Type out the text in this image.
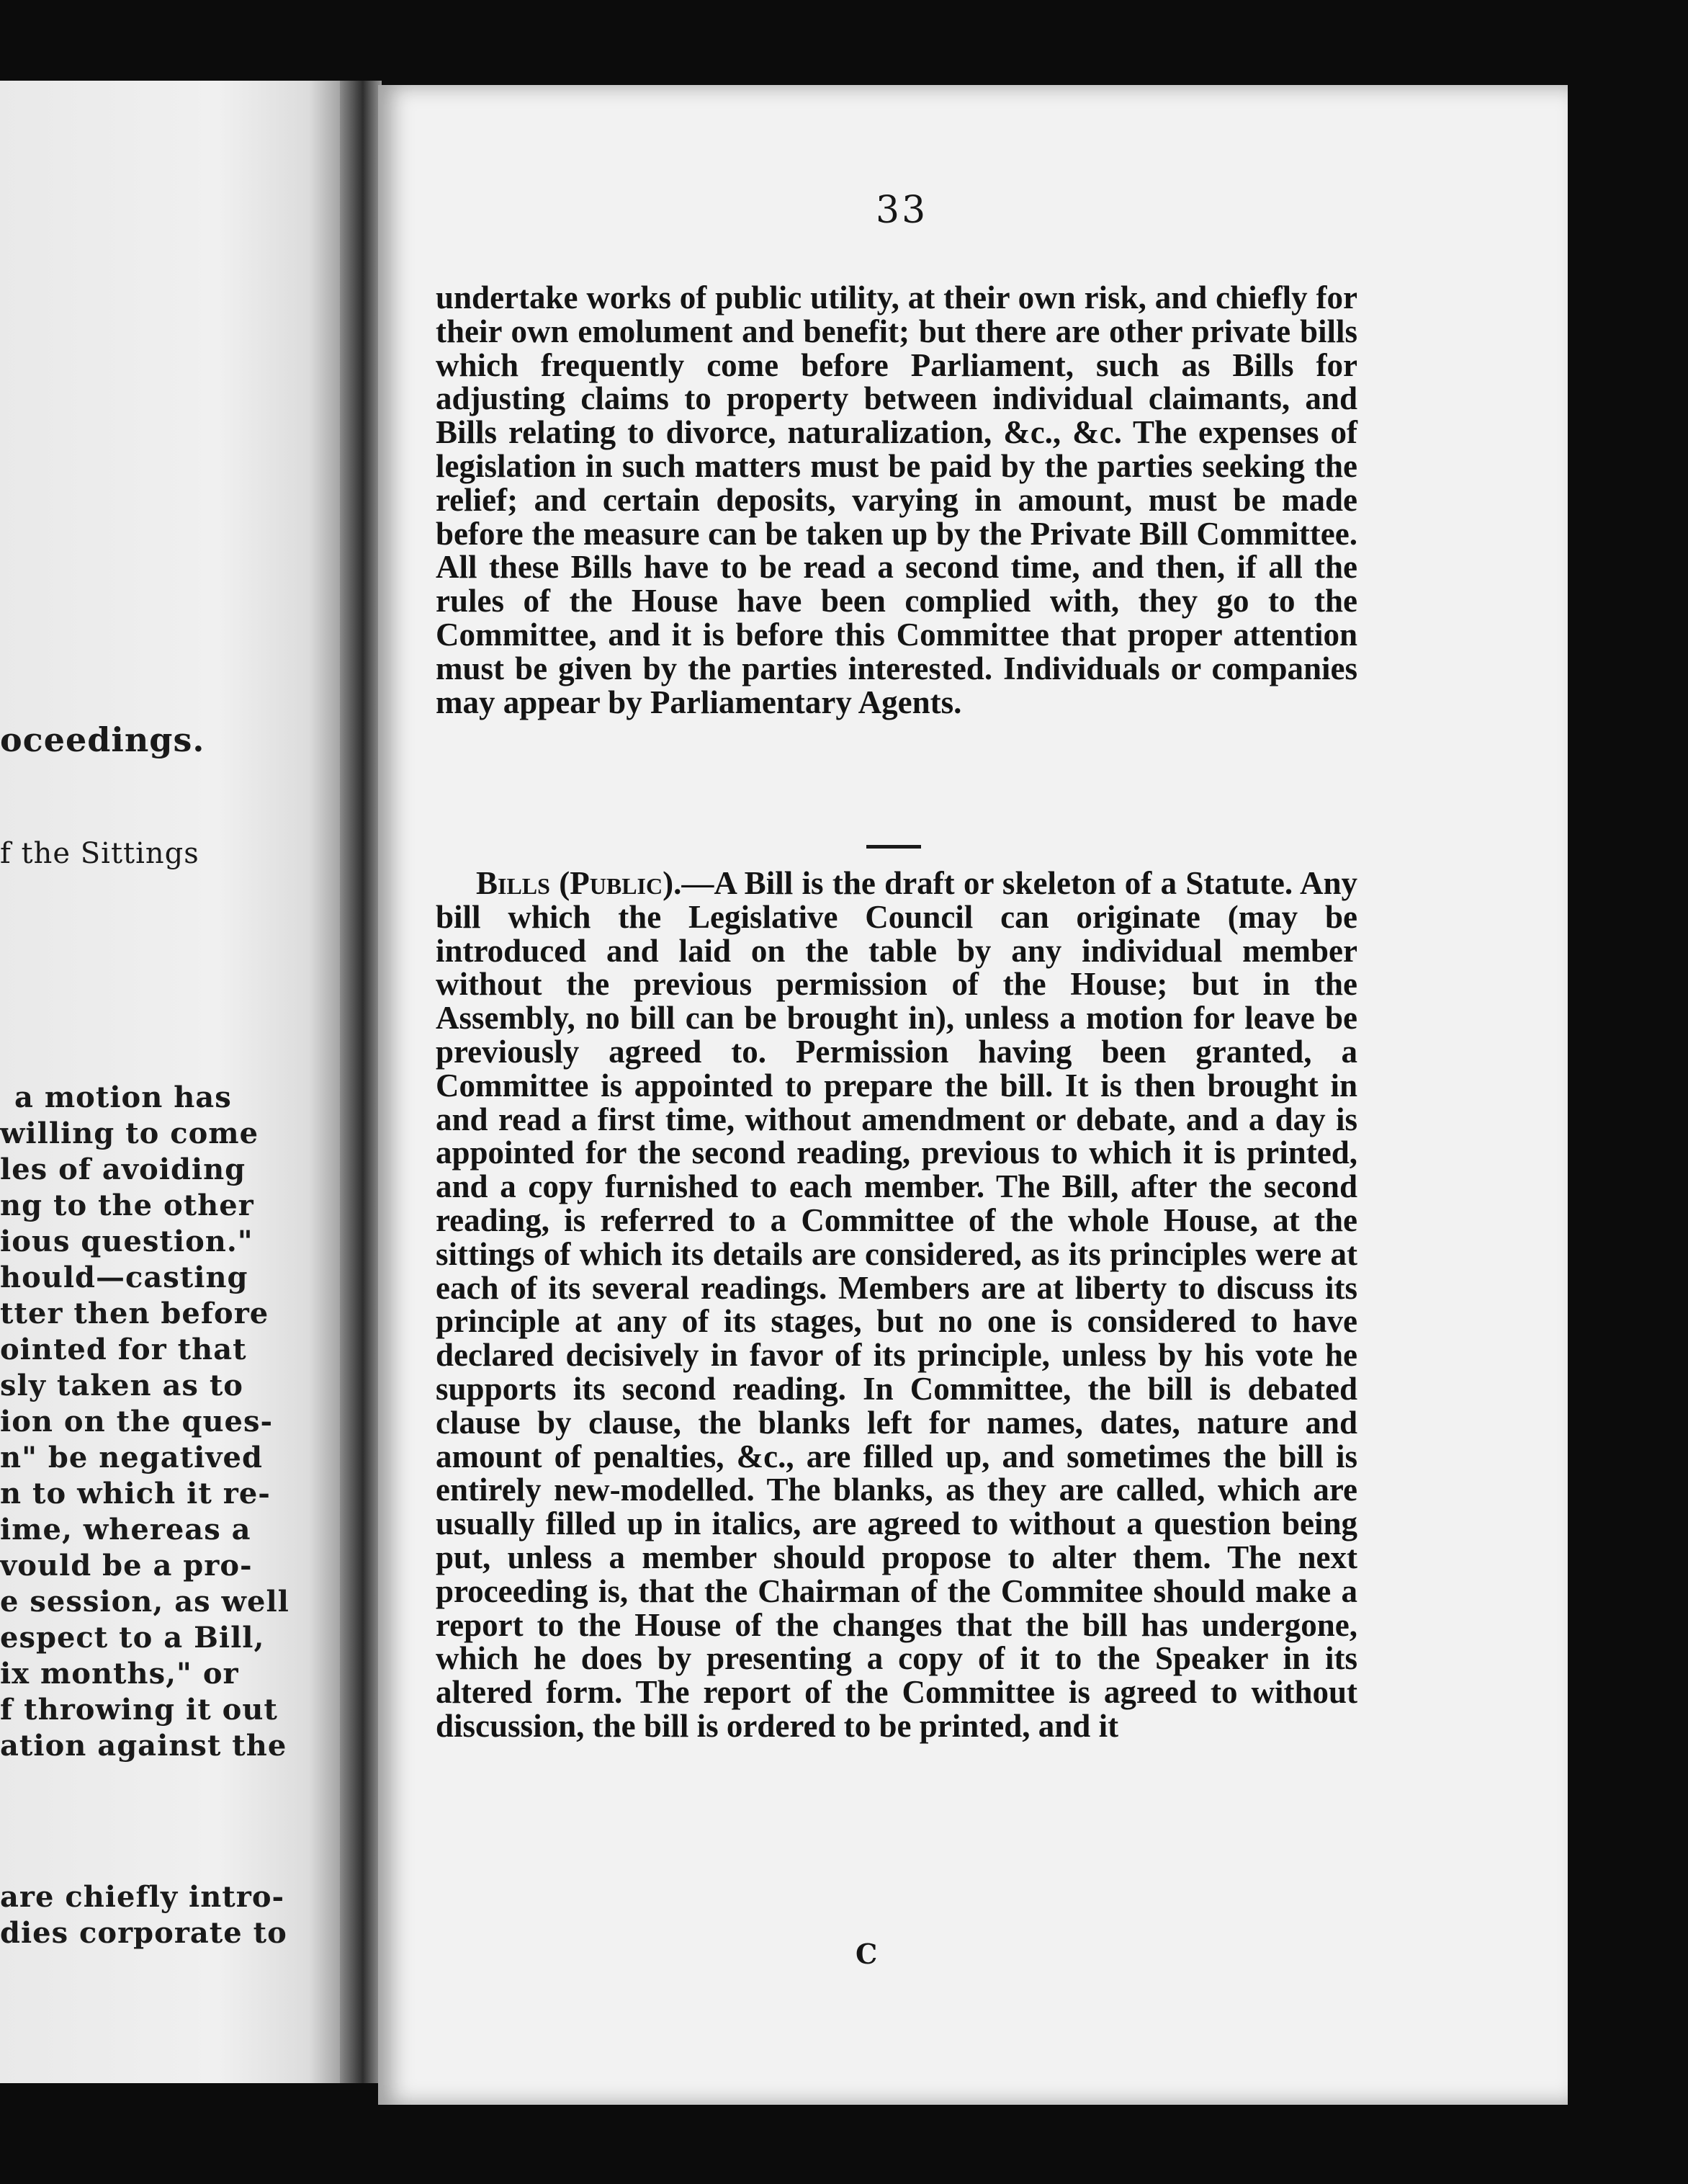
oceedings.
f the Sittings
a motion has
willing to come
les of avoiding
ng to the other
ious question."
hould—casting
tter then before
ointed for that
sly taken as to
ion on the ques-
n" be negatived
n to which it re-
ime, whereas a
vould be a pro-
e session, as well
espect to a Bill,
ix months," or
f throwing it out
ation against the
are chiefly intro-
dies corporate to
33

undertake works of public utility, at their own risk, and chiefly for their own emolument and benefit; but there are other private bills which frequently come before Parliament, such as Bills for adjusting claims to property between individual claimants, and Bills relating to divorce, naturalization, &c., &c. The expenses of legislation in such matters must be paid by the parties seeking the relief; and certain deposits, varying in amount, must be made before the measure can be taken up by the Private Bill Committee. All these Bills have to be read a second time, and then, if all the rules of the House have been complied with, they go to the Committee, and it is before this Committee that proper attention must be given by the parties interested. Individuals or companies may appear by Parliamentary Agents.

Bills (Public).—A Bill is the draft or skeleton of a Statute. Any bill which the Legislative Council can originate (may be introduced and laid on the table by any individual member without the previous permission of the House; but in the Assembly, no bill can be brought in), unless a motion for leave be previously agreed to. Permission having been granted, a Committee is appointed to prepare the bill. It is then brought in and read a first time, without amendment or debate, and a day is appointed for the second reading, previous to which it is printed, and a copy furnished to each member. The Bill, after the second reading, is referred to a Committee of the whole House, at the sittings of which its details are considered, as its principles were at each of its several readings. Members are at liberty to discuss its principle at any of its stages, but no one is considered to have declared decisively in favor of its principle, unless by his vote he supports its second reading. In Committee, the bill is debated clause by clause, the blanks left for names, dates, nature and amount of penalties, &c., are filled up, and sometimes the bill is entirely new-modelled. The blanks, as they are called, which are usually filled up in italics, are agreed to without a question being put, unless a member should propose to alter them. The next proceeding is, that the Chairman of the Commitee should make a report to the House of the changes that the bill has undergone, which he does by presenting a copy of it to the Speaker in its altered form. The report of the Committee is agreed to without discussion, the bill is ordered to be printed, and it

C
